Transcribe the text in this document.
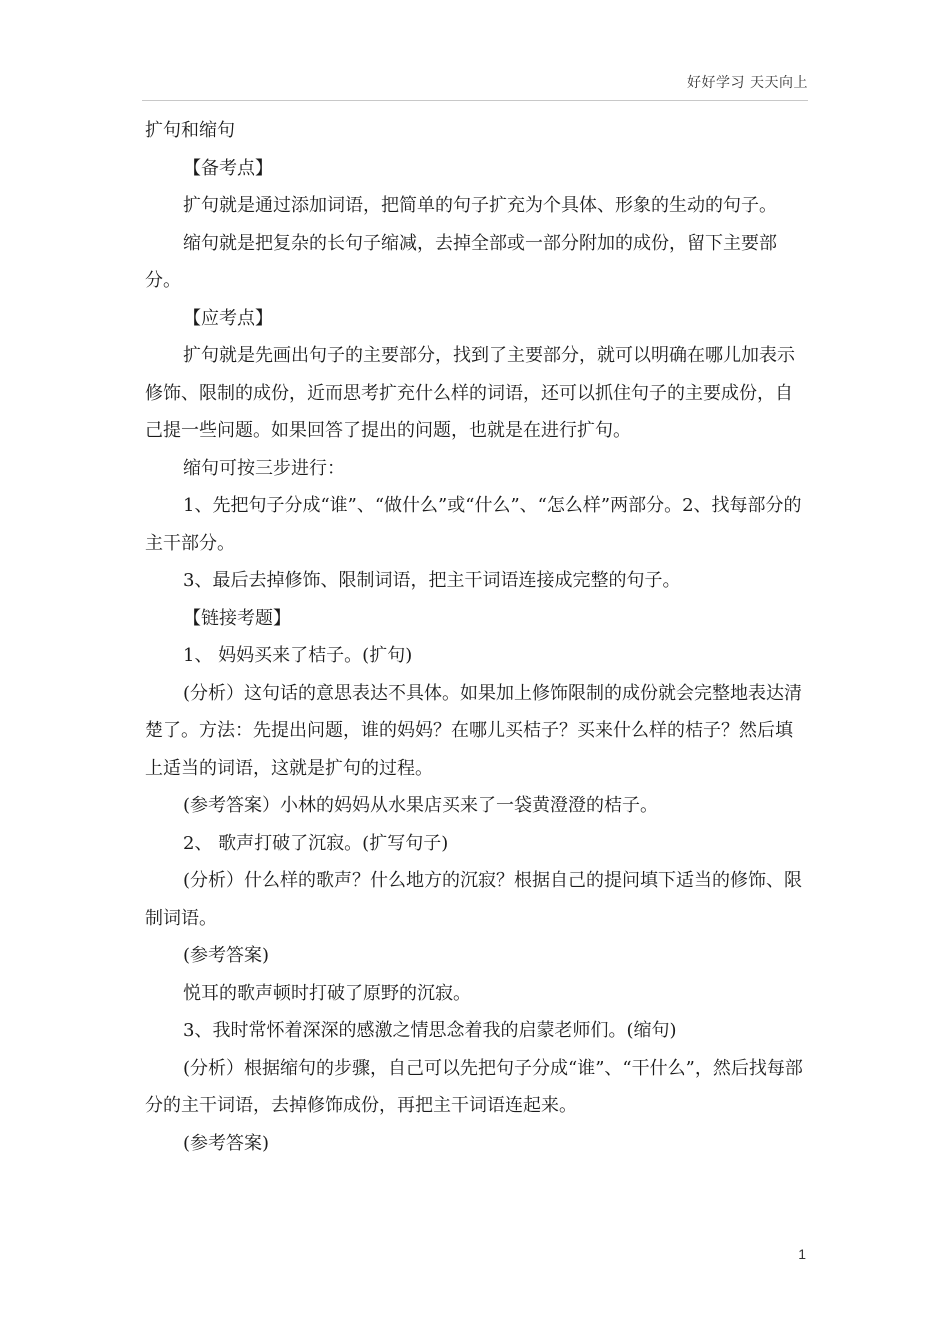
好好学习 天天向上

扩句和缩句

【备考点】

扩句就是通过添加词语，把简单的句子扩充为个具体、形象的生动的句子。

缩句就是把复杂的长句子缩减，去掉全部或一部分附加的成份，留下主要部分。

【应考点】

扩句就是先画出句子的主要部分，找到了主要部分，就可以明确在哪儿加表示修饰、限制的成份，近而思考扩充什么样的词语，还可以抓住句子的主要成份，自己提一些问题。如果回答了提出的问题，也就是在进行扩句。

缩句可按三步进行：

1、先把句子分成“谁”、“做什么”或“什么”、“怎么样”两部分。2、找每部分的主干部分。

3、最后去掉修饰、限制词语，把主干词语连接成完整的句子。

【链接考题】

1、 妈妈买来了桔子。(扩句)

(分析）这句话的意思表达不具体。如果加上修饰限制的成份就会完整地表达清楚了。方法：先提出问题，谁的妈妈？在哪儿买桔子？买来什么样的桔子？然后填上适当的词语，这就是扩句的过程。

(参考答案）小林的妈妈从水果店买来了一袋黄澄澄的桔子。

2、 歌声打破了沉寂。(扩写句子)

(分析）什么样的歌声？什么地方的沉寂？根据自己的提问填下适当的修饰、限制词语。

(参考答案)

悦耳的歌声顿时打破了原野的沉寂。

3、我时常怀着深深的感激之情思念着我的启蒙老师们。(缩句)

(分析）根据缩句的步骤，自己可以先把句子分成“谁”、“干什么”，然后找每部分的主干词语，去掉修饰成份，再把主干词语连起来。

(参考答案)

1
